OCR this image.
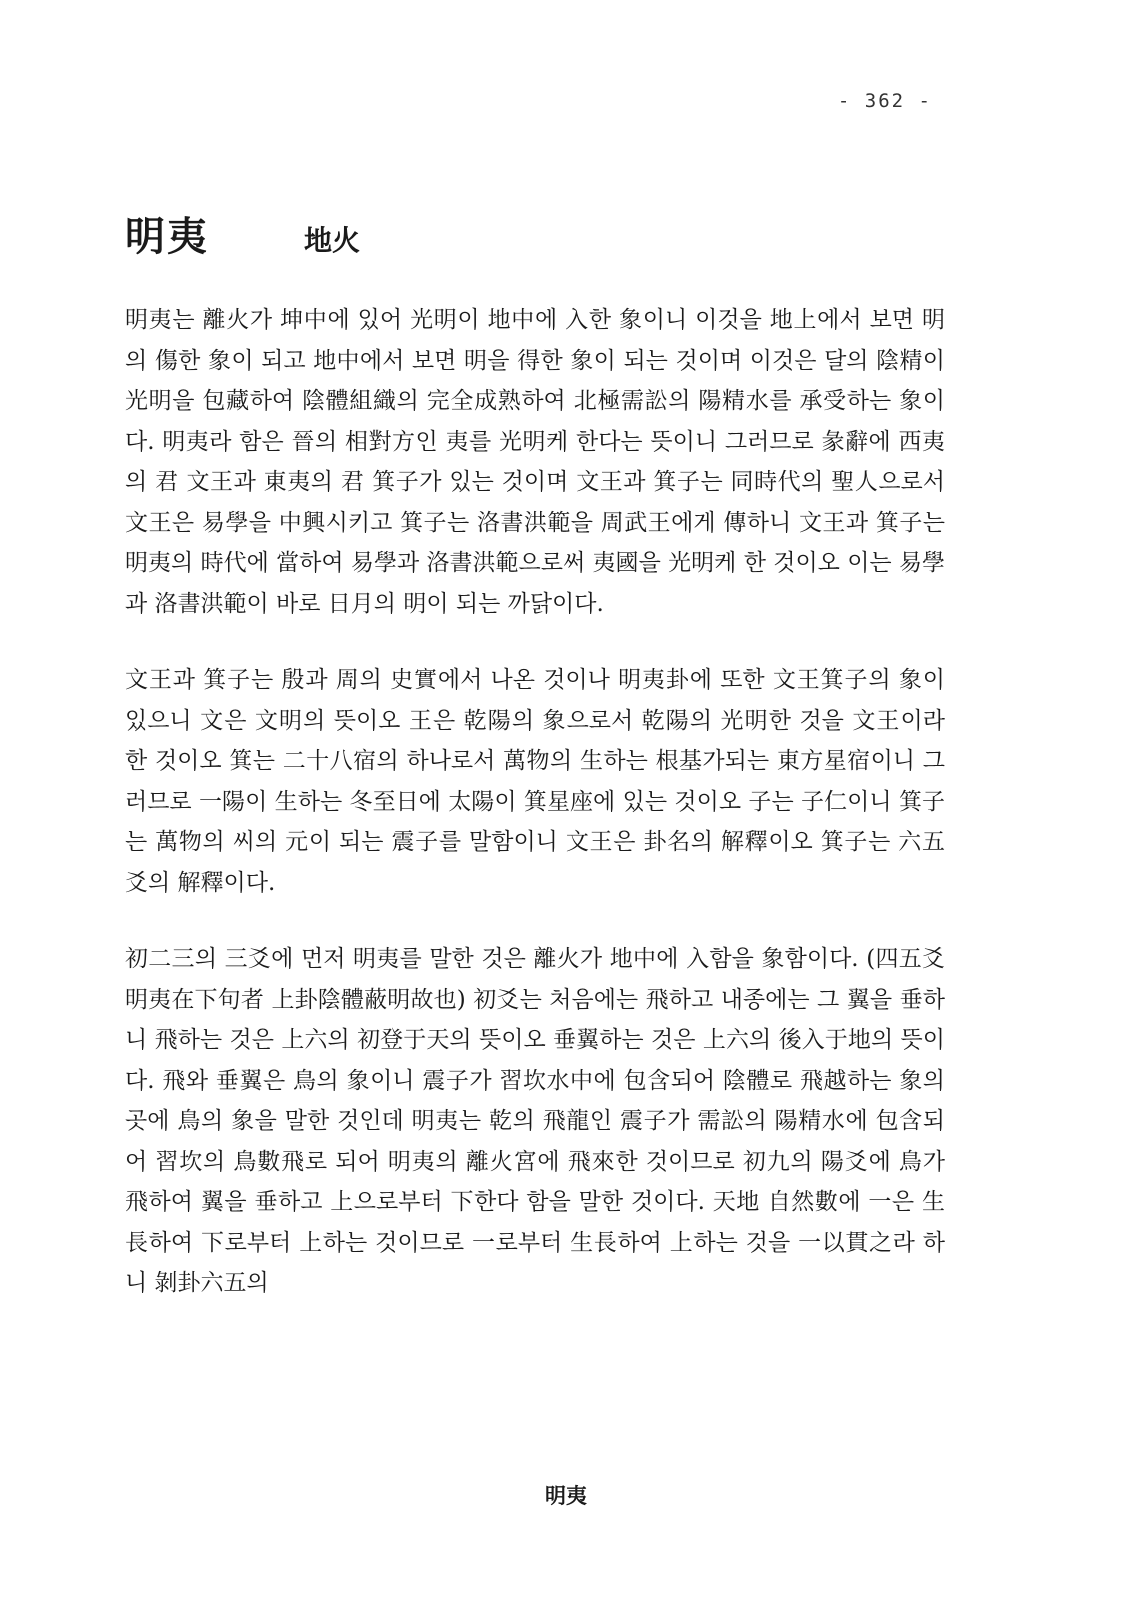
- 362 -
明夷	地火

明夷는 離火가 坤中에 있어 光明이 地中에 入한 象이니 이것을 地上에서 보면 明의 傷한 象이 되고 地中에서 보면 明을 得한 象이 되는 것이며 이것은 달의 陰精이 光明을 包藏하여 陰體組織의 完全成熟하여 北極需訟의 陽精水를 承受하는 象이다. 明夷라 함은 晉의 相對方인 夷를 光明케 한다는 뜻이니 그러므로 彖辭에 西夷의 君 文王과 東夷의 君 箕子가 있는 것이며 文王과 箕子는 同時代의 聖人으로서 文王은 易學을 中興시키고 箕子는 洛書洪範을 周武王에게 傳하니 文王과 箕子는 明夷의 時代에 當하여 易學과 洛書洪範으로써 夷國을 光明케 한 것이오 이는 易學과 洛書洪範이 바로 日月의 明이 되는 까닭이다.

文王과 箕子는 殷과 周의 史實에서 나온 것이나 明夷卦에 또한 文王箕子의 象이 있으니 文은 文明의 뜻이오 王은 乾陽의 象으로서 乾陽의 光明한 것을 文王이라 한 것이오 箕는 二十八宿의 하나로서 萬物의 生하는 根基가되는 東方星宿이니 그러므로 一陽이 生하는 冬至日에 太陽이 箕星座에 있는 것이오 子는 子仁이니 箕子는 萬物의 씨의 元이 되는 震子를 말함이니 文王은 卦名의 解釋이오 箕子는 六五爻의 解釋이다.

初二三의 三爻에 먼저 明夷를 말한 것은 離火가 地中에 入함을 象함이다. (四五爻 明夷在下句者 上卦陰體蔽明故也) 初爻는 처음에는 飛하고 내종에는 그 翼을 垂하니 飛하는 것은 上六의 初登于天의 뜻이오 垂翼하는 것은 上六의 後入于地의 뜻이다. 飛와 垂翼은 鳥의 象이니 震子가 習坎水中에 包含되어 陰體로 飛越하는 象의 곳에 鳥의 象을 말한 것인데 明夷는 乾의 飛龍인 震子가 需訟의 陽精水에 包含되어 習坎의 鳥數飛로 되어 明夷의 離火宮에 飛來한 것이므로 初九의 陽爻에 鳥가 飛하여 翼을 垂하고 上으로부터 下한다 함을 말한 것이다. 天地 自然數에 一은 生長하여 下로부터 上하는 것이므로 一로부터 生長하여 上하는 것을 一以貫之라 하니 剝卦六五의

明夷
